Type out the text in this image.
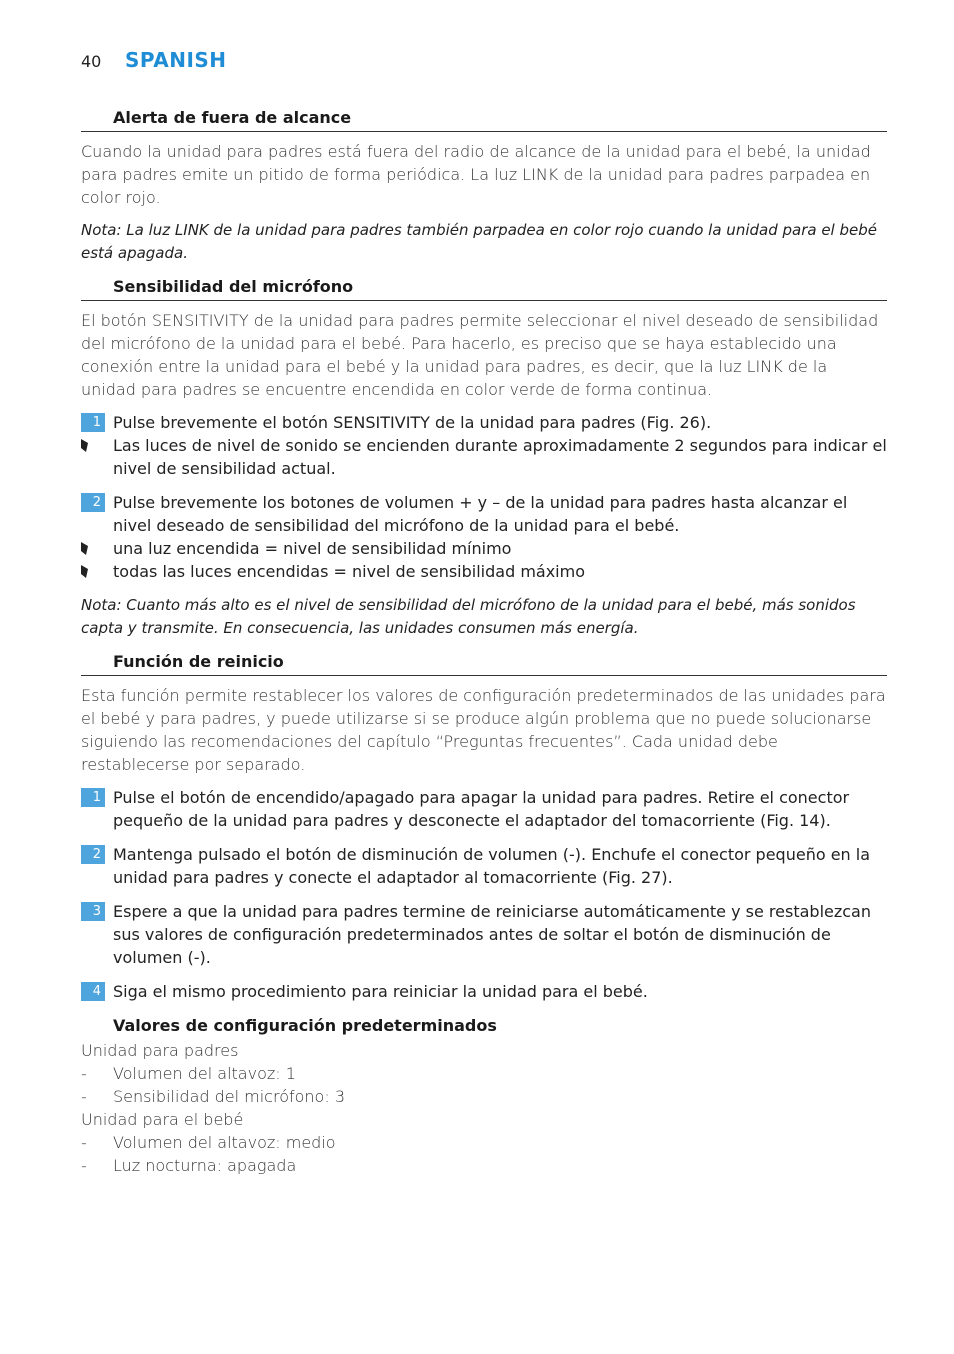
40 SPANISH
Alerta de fuera de alcance

Cuando la unidad para padres está fuera del radio de alcance de la unidad para el bebé, la unidad para padres emite un pitido de forma periódica. La luz LINK de la unidad para padres parpadea en color rojo.

Nota: La luz LINK de la unidad para padres también parpadea en color rojo cuando la unidad para el bebé está apagada.

Sensibilidad del micrófono

El botón SENSITIVITY de la unidad para padres permite seleccionar el nivel deseado de sensibilidad del micrófono de la unidad para el bebé. Para hacerlo, es preciso que se haya establecido una conexión entre la unidad para el bebé y la unidad para padres, es decir, que la luz LINK de la unidad para padres se encuentre encendida en color verde de forma continua.

1 Pulse brevemente el botón SENSITIVITY de la unidad para padres (Fig. 26).
Las luces de nivel de sonido se encienden durante aproximadamente 2 segundos para indicar el nivel de sensibilidad actual.
2 Pulse brevemente los botones de volumen + y – de la unidad para padres hasta alcanzar el nivel deseado de sensibilidad del micrófono de la unidad para el bebé.
una luz encendida = nivel de sensibilidad mínimo
todas las luces encendidas = nivel de sensibilidad máximo

Nota: Cuanto más alto es el nivel de sensibilidad del micrófono de la unidad para el bebé, más sonidos capta y transmite. En consecuencia, las unidades consumen más energía.

Función de reinicio

Esta función permite restablecer los valores de configuración predeterminados de las unidades para el bebé y para padres, y puede utilizarse si se produce algún problema que no puede solucionarse siguiendo las recomendaciones del capítulo “Preguntas frecuentes”. Cada unidad debe restablecerse por separado.

1 Pulse el botón de encendido/apagado para apagar la unidad para padres. Retire el conector pequeño de la unidad para padres y desconecte el adaptador del tomacorriente (Fig. 14).
2 Mantenga pulsado el botón de disminución de volumen (-). Enchufe el conector pequeño en la unidad para padres y conecte el adaptador al tomacorriente (Fig. 27).
3 Espere a que la unidad para padres termine de reiniciarse automáticamente y se restablezcan sus valores de configuración predeterminados antes de soltar el botón de disminución de volumen (-).
4 Siga el mismo procedimiento para reiniciar la unidad para el bebé.
Valores de configuración predeterminados

Unidad para padres

- Volumen del altavoz: 1
- Sensibilidad del micrófono: 3

Unidad para el bebé

- Volumen del altavoz: medio
- Luz nocturna: apagada
